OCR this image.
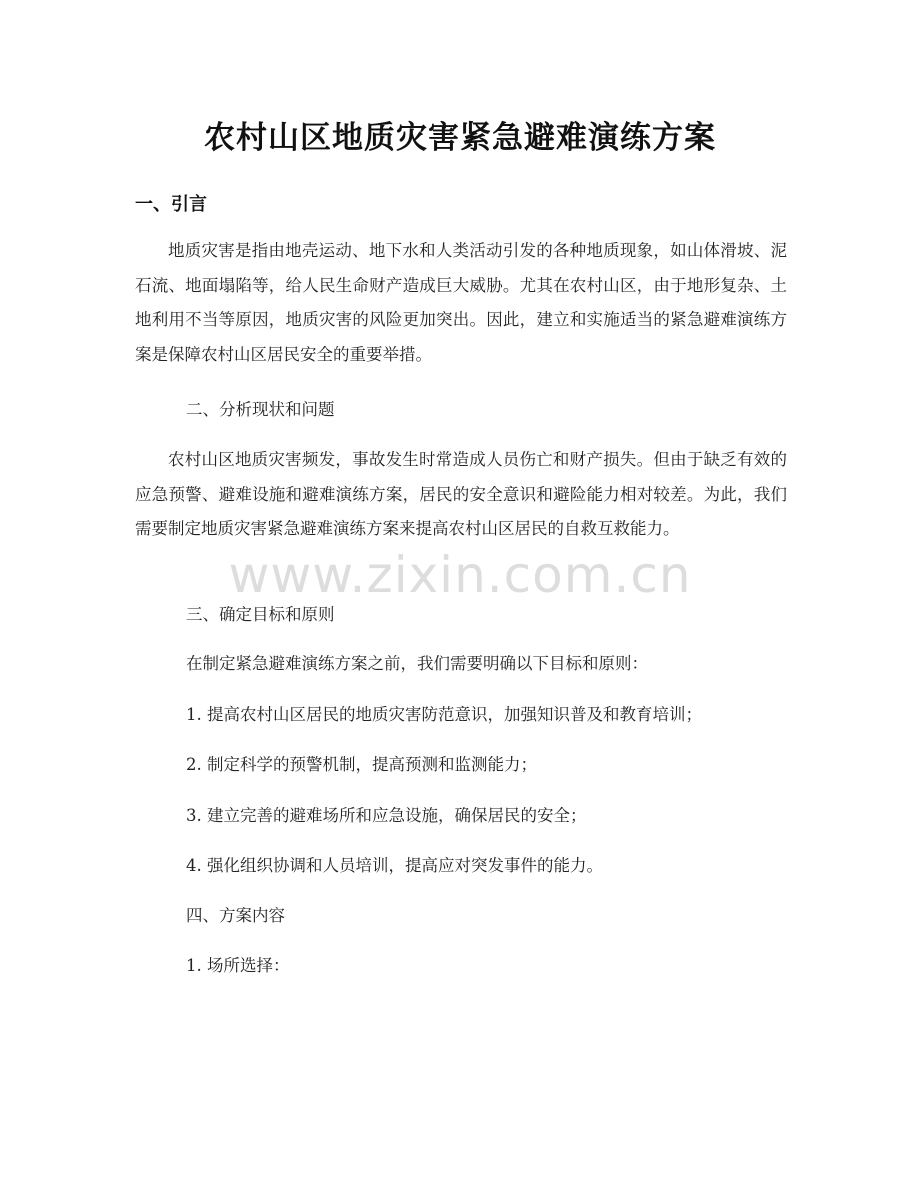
农村山区地质灾害紧急避难演练方案
一、引言
地质灾害是指由地壳运动、地下水和人类活动引发的各种地质现象，如山体滑坡、泥石流、地面塌陷等，给人民生命财产造成巨大威胁。尤其在农村山区，由于地形复杂、土地利用不当等原因，地质灾害的风险更加突出。因此，建立和实施适当的紧急避难演练方案是保障农村山区居民安全的重要举措。
二、分析现状和问题
农村山区地质灾害频发，事故发生时常造成人员伤亡和财产损失。但由于缺乏有效的应急预警、避难设施和避难演练方案，居民的安全意识和避险能力相对较差。为此，我们需要制定地质灾害紧急避难演练方案来提高农村山区居民的自救互救能力。
www.zixin.com.cn
三、确定目标和原则
在制定紧急避难演练方案之前，我们需要明确以下目标和原则：
1. 提高农村山区居民的地质灾害防范意识，加强知识普及和教育培训；
2. 制定科学的预警机制，提高预测和监测能力；
3. 建立完善的避难场所和应急设施，确保居民的安全；
4. 强化组织协调和人员培训，提高应对突发事件的能力。
四、方案内容
1. 场所选择：
